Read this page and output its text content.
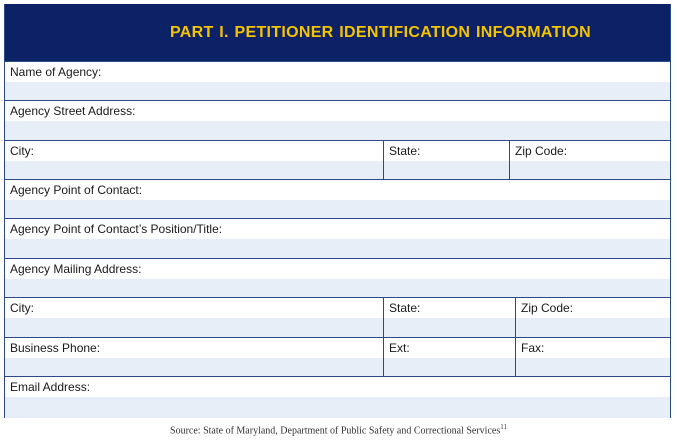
PART I. PETITIONER IDENTIFICATION INFORMATION
Name of Agency:
Agency Street Address:
City:	State:	Zip Code:
Agency Point of Contact:
Agency Point of Contact’s Position/Title:
Agency Mailing Address:
City:	State:	Zip Code:
Business Phone:	Ext:	Fax:
Email Address:
Source: State of Maryland, Department of Public Safety and Correctional Services$^{11}$
